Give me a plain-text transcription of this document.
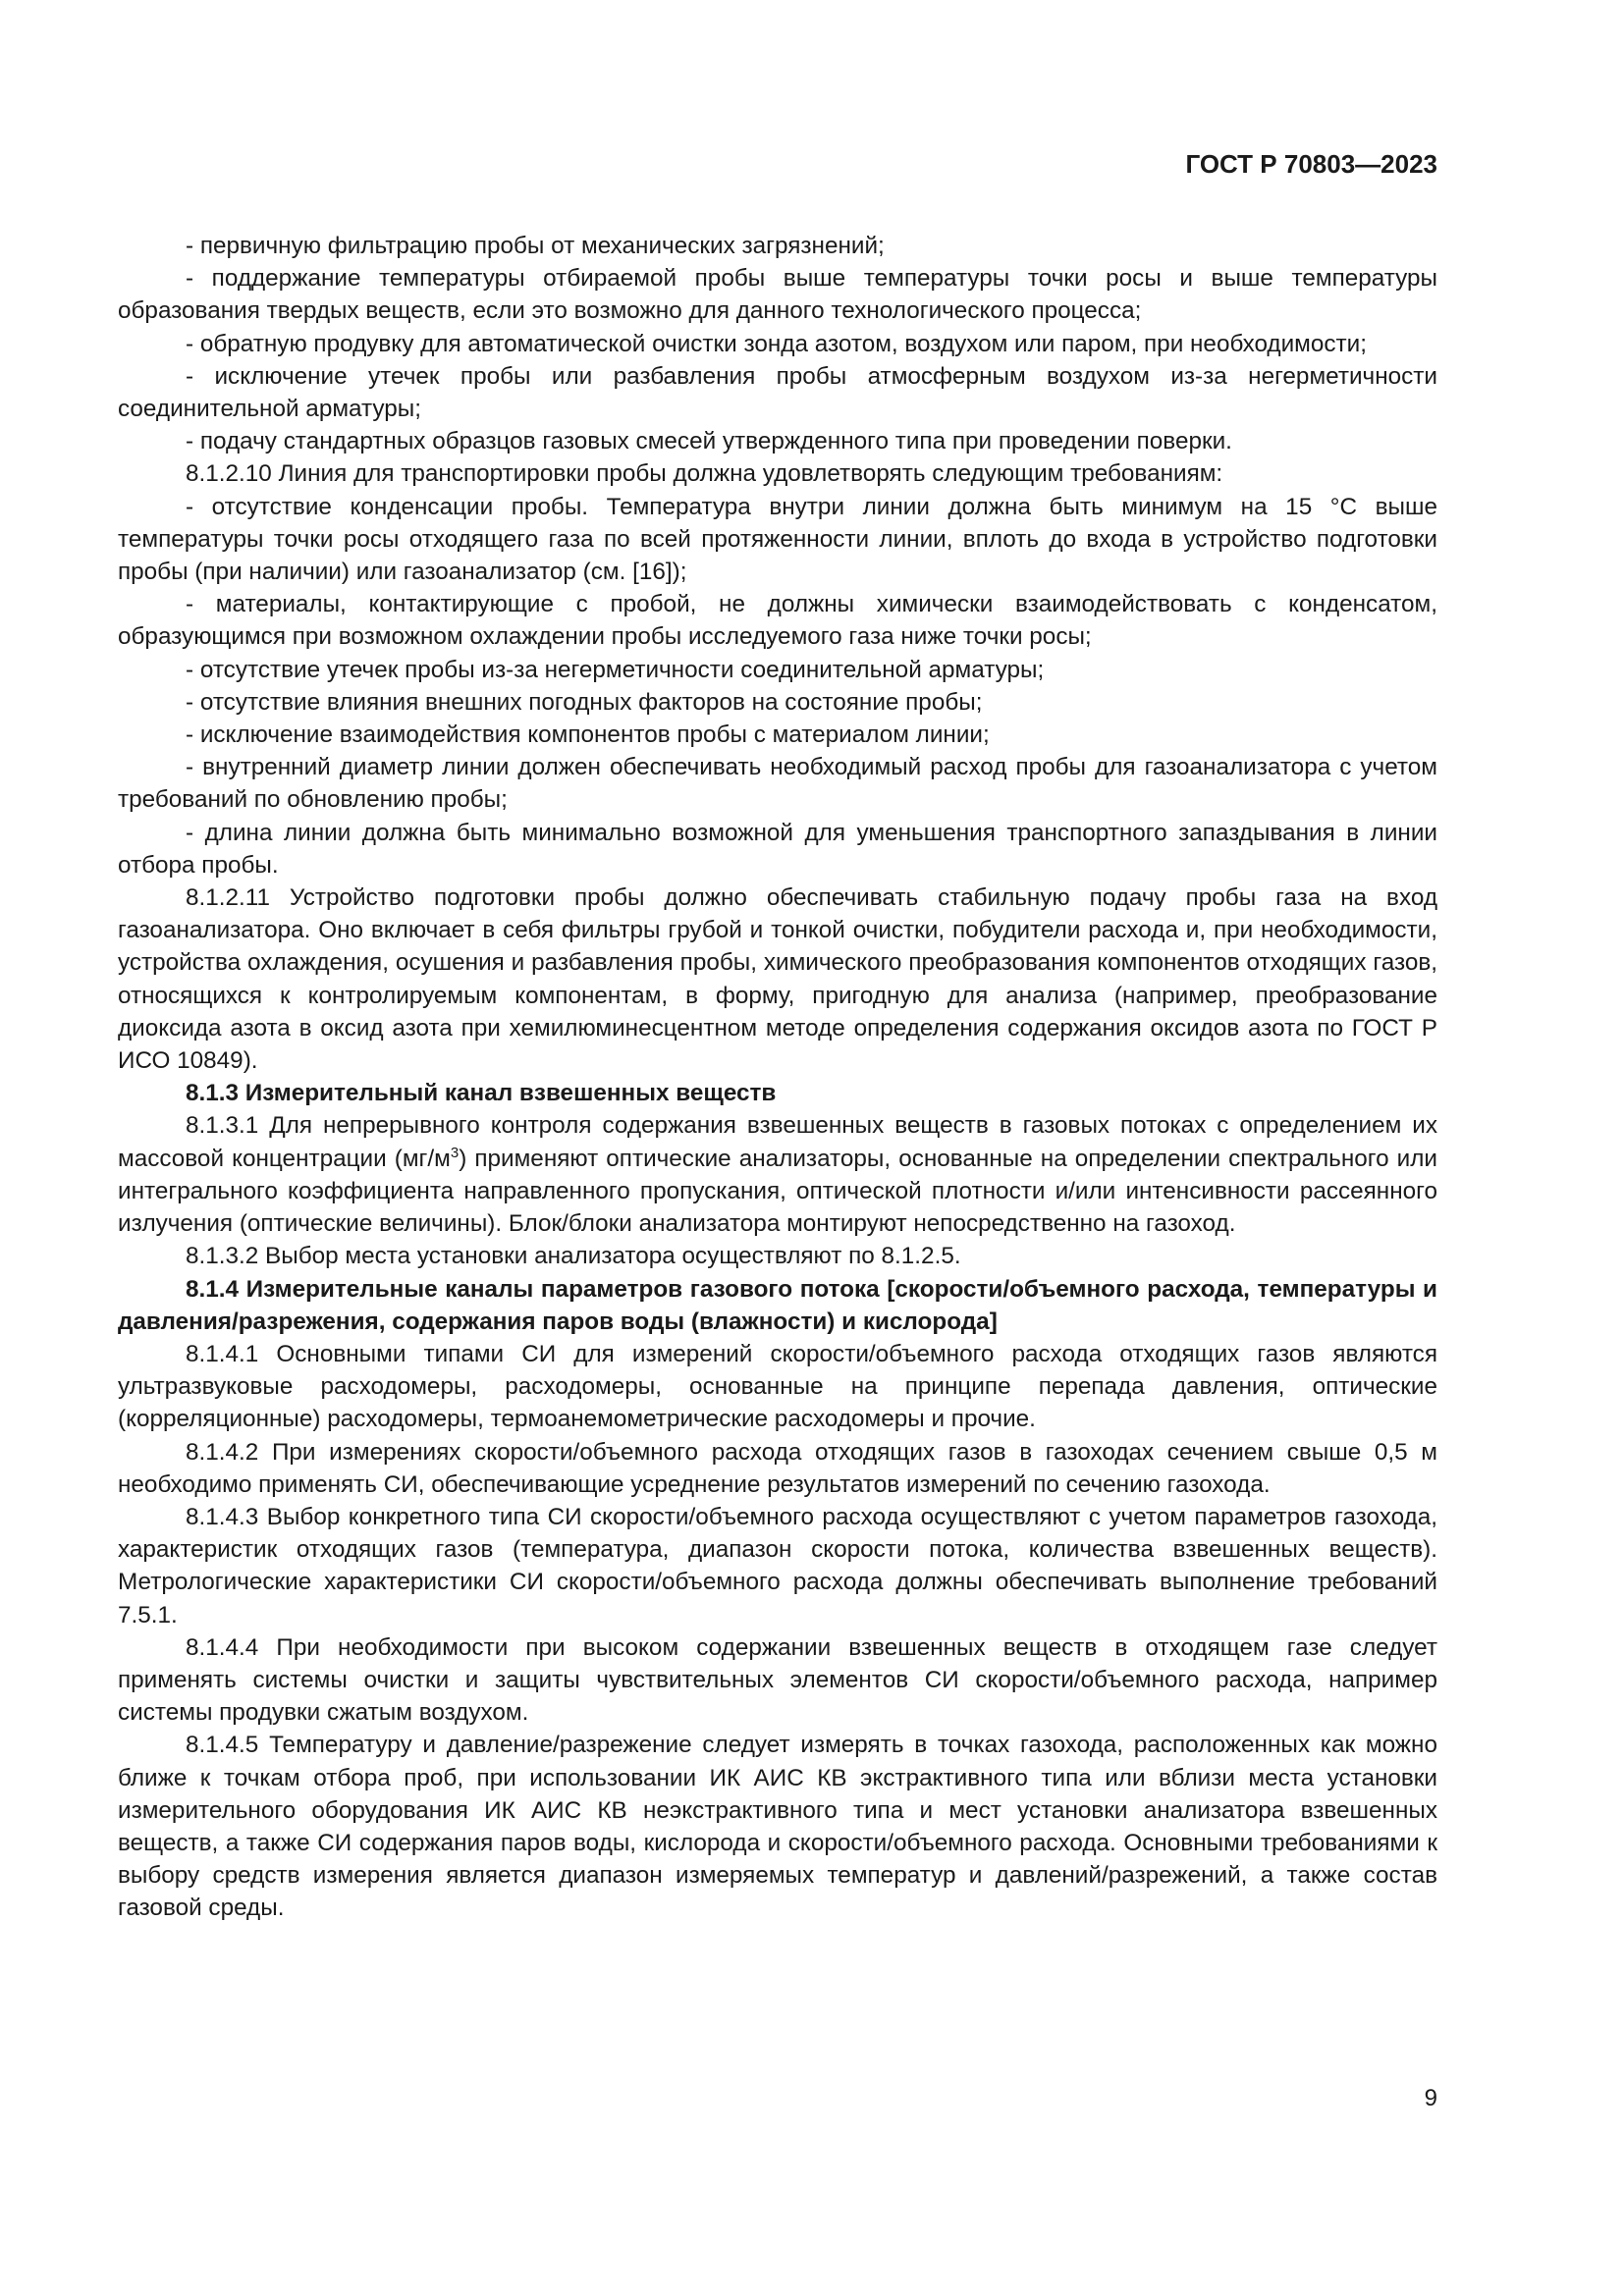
ГОСТ Р 70803—2023

- первичную фильтрацию пробы от механических загрязнений;

- поддержание температуры отбираемой пробы выше температуры точки росы и выше температуры образования твердых веществ, если это возможно для данного технологического процесса;

- обратную продувку для автоматической очистки зонда азотом, воздухом или паром, при необходимости;

- исключение утечек пробы или разбавления пробы атмосферным воздухом из-за негерметичности соединительной арматуры;

- подачу стандартных образцов газовых смесей утвержденного типа при проведении поверки.

8.1.2.10 Линия для транспортировки пробы должна удовлетворять следующим требованиям:

- отсутствие конденсации пробы. Температура внутри линии должна быть минимум на 15 °С выше температуры точки росы отходящего газа по всей протяженности линии, вплоть до входа в устройство подготовки пробы (при наличии) или газоанализатор (см. [16]);

- материалы, контактирующие с пробой, не должны химически взаимодействовать с конденсатом, образующимся при возможном охлаждении пробы исследуемого газа ниже точки росы;

- отсутствие утечек пробы из-за негерметичности соединительной арматуры;

- отсутствие влияния внешних погодных факторов на состояние пробы;

- исключение взаимодействия компонентов пробы с материалом линии;

- внутренний диаметр линии должен обеспечивать необходимый расход пробы для газоанализатора с учетом требований по обновлению пробы;

- длина линии должна быть минимально возможной для уменьшения транспортного запаздывания в линии отбора пробы.

8.1.2.11 Устройство подготовки пробы должно обеспечивать стабильную подачу пробы газа на вход газоанализатора. Оно включает в себя фильтры грубой и тонкой очистки, побудители расхода и, при необходимости, устройства охлаждения, осушения и разбавления пробы, химического преобразования компонентов отходящих газов, относящихся к контролируемым компонентам, в форму, пригодную для анализа (например, преобразование диоксида азота в оксид азота при хемилюминесцентном методе определения содержания оксидов азота по ГОСТ Р ИСО 10849).

8.1.3 Измерительный канал взвешенных веществ

8.1.3.1 Для непрерывного контроля содержания взвешенных веществ в газовых потоках с определением их массовой концентрации $(мг/м^3)$ применяют оптические анализаторы, основанные на определении спектрального или интегрального коэффициента направленного пропускания, оптической плотности и/или интенсивности рассеянного излучения (оптические величины). Блок/блоки анализатора монтируют непосредственно на газоход.

8.1.3.2 Выбор места установки анализатора осуществляют по 8.1.2.5.

8.1.4 Измерительные каналы параметров газового потока [скорости/объемного расхода, температуры и давления/разрежения, содержания паров воды (влажности) и кислорода]

8.1.4.1 Основными типами СИ для измерений скорости/объемного расхода отходящих газов являются ультразвуковые расходомеры, расходомеры, основанные на принципе перепада давления, оптические (корреляционные) расходомеры, термоанемометрические расходомеры и прочие.

8.1.4.2 При измерениях скорости/объемного расхода отходящих газов в газоходах сечением свыше 0,5 м необходимо применять СИ, обеспечивающие усреднение результатов измерений по сечению газохода.

8.1.4.3 Выбор конкретного типа СИ скорости/объемного расхода осуществляют с учетом параметров газохода, характеристик отходящих газов (температура, диапазон скорости потока, количества взвешенных веществ). Метрологические характеристики СИ скорости/объемного расхода должны обеспечивать выполнение требований 7.5.1.

8.1.4.4 При необходимости при высоком содержании взвешенных веществ в отходящем газе следует применять системы очистки и защиты чувствительных элементов СИ скорости/объемного расхода, например системы продувки сжатым воздухом.

8.1.4.5 Температуру и давление/разрежение следует измерять в точках газохода, расположенных как можно ближе к точкам отбора проб, при использовании ИК АИС КВ экстрактивного типа или вблизи места установки измерительного оборудования ИК АИС КВ неэкстрактивного типа и мест установки анализатора взвешенных веществ, а также СИ содержания паров воды, кислорода и скорости/объемного расхода. Основными требованиями к выбору средств измерения является диапазон измеряемых температур и давлений/разрежений, а также состав газовой среды.

9
